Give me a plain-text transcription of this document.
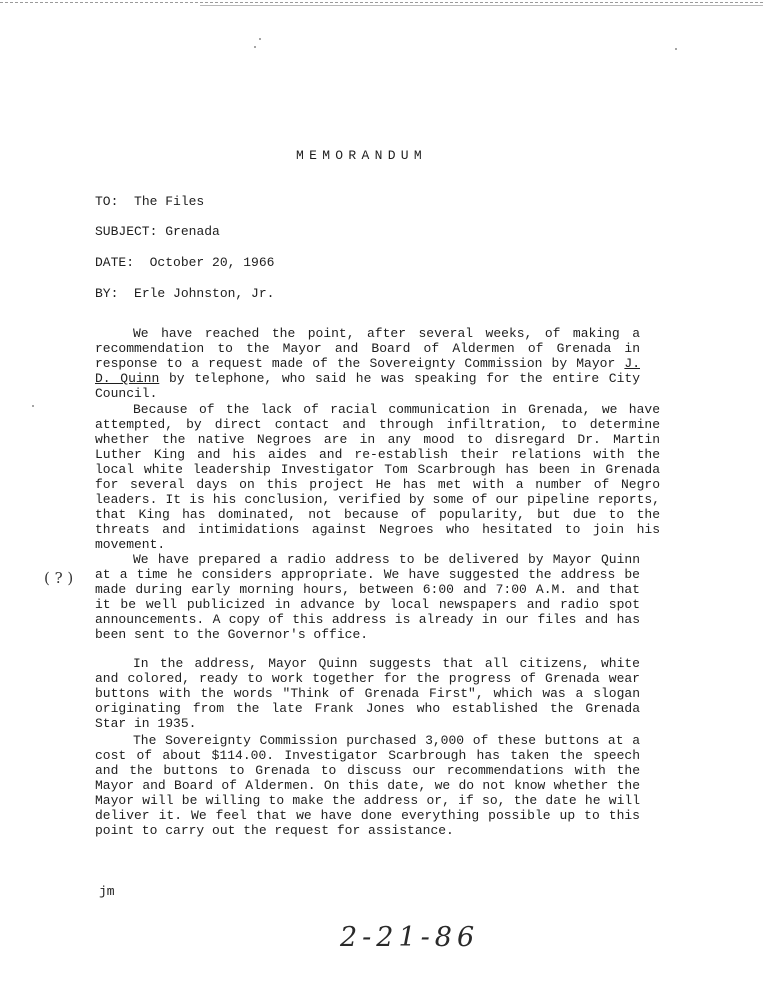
MEMORANDUM
TO: The Files
SUBJECT: Grenada
DATE: October 20, 1966
BY: Erle Johnston, Jr.

We have reached the point, after several weeks, of making a recommendation to the Mayor and Board of Aldermen of Grenada in response to a request made of the Sovereignty Commission by Mayor J. D. Quinn by telephone, who said he was speaking for the entire City Council.

Because of the lack of racial communication in Grenada, we have attempted, by direct contact and through infiltration, to determine whether the native Negroes are in any mood to disregard Dr. Martin Luther King and his aides and re-establish their relations with the local white leadership Investigator Tom Scarbrough has been in Grenada for several days on this project He has met with a number of Negro leaders. It is his conclusion, verified by some of our pipeline reports, that King has dominated, not because of popularity, but due to the threats and intimidations against Negroes who hesitated to join his movement.

( ? )

We have prepared a radio address to be delivered by Mayor Quinn at a time he considers appropriate. We have suggested the address be made during early morning hours, between 6:00 and 7:00 A.M. and that it be well publicized in advance by local newspapers and radio spot announcements. A copy of this address is already in our files and has been sent to the Governor's office.

In the address, Mayor Quinn suggests that all citizens, white and colored, ready to work together for the progress of Grenada wear buttons with the words "Think of Grenada First", which was a slogan originating from the late Frank Jones who established the Grenada Star in 1935.

The Sovereignty Commission purchased 3,000 of these buttons at a cost of about $114.00. Investigator Scarbrough has taken the speech and the buttons to Grenada to discuss our recommendations with the Mayor and Board of Aldermen. On this date, we do not know whether the Mayor will be willing to make the address or, if so, the date he will deliver it. We feel that we have done everything possible up to this point to carry out the request for assistance.

jm
2-21-86
